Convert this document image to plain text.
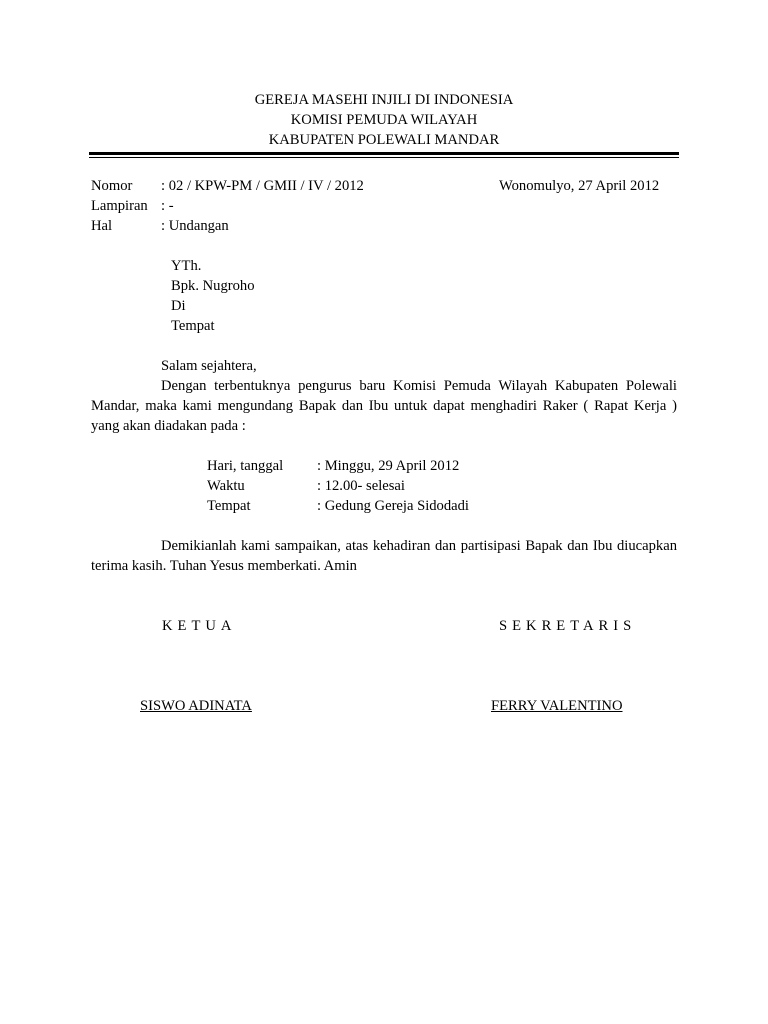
GEREJA MASEHI INJILI DI INDONESIA
KOMISI PEMUDA WILAYAH
KABUPATEN POLEWALI MANDAR
Nomor : 02 / KPW-PM / GMII / IV / 2012	Wonomulyo, 27 April 2012
Lampiran : -
Hal	: Undangan
YTh.
Bpk. Nugroho
Di
Tempat
Salam sejahtera,
Dengan terbentuknya pengurus baru Komisi Pemuda Wilayah Kabupaten Polewali Mandar, maka kami mengundang Bapak dan Ibu untuk dapat menghadiri Raker ( Rapat Kerja ) yang akan diadakan pada :
Hari, tanggal : Minggu, 29 April 2012
Waktu	: 12.00- selesai
Tempat	: Gedung Gereja Sidodadi
Demikianlah kami sampaikan, atas kehadiran dan partisipasi Bapak dan Ibu diucapkan terima kasih. Tuhan Yesus memberkati. Amin
KETUA	SEKRETARIS
SISWO ADINATA	FERRY VALENTINO
